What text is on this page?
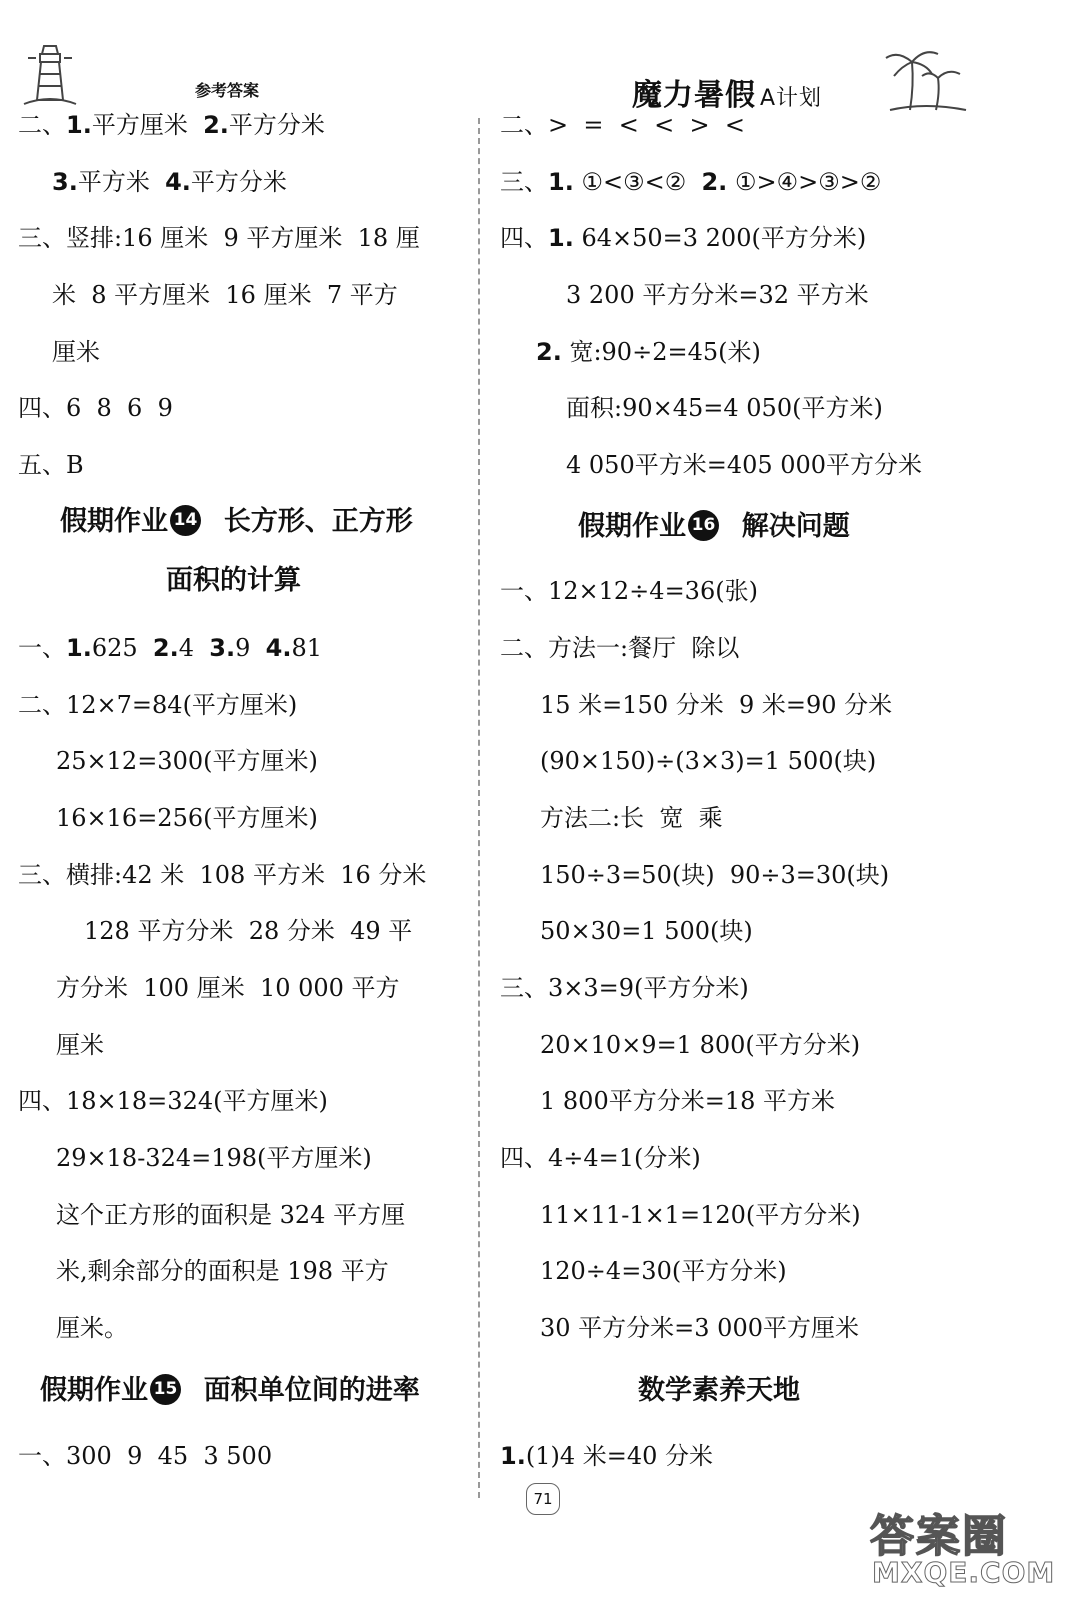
参考答案	魔力暑假 A计划
二、1.平方厘米  2.平方分米
3.平方米  4.平方分米
三、竖排:16 厘米  9 平方厘米  18 厘
米  8 平方厘米  16 厘米  7 平方
厘米
四、6  8  6  9
五、B
假期作业 14  长方形、正方形
面积的计算
一、1.625  2.4  3.9  4.81
二、12×7=84(平方厘米)
25×12=300(平方厘米)
16×16=256(平方厘米)
三、横排:42 米  108 平方米  16 分米
128 平方分米  28 分米  49 平
方分米  100 厘米  10 000 平方
厘米
四、18×18=324(平方厘米)
29×18-324=198(平方厘米)
这个正方形的面积是 324 平方厘
米,剩余部分的面积是 198 平方
厘米。
假期作业 15  面积单位间的进率
一、300  9  45  3 500
二、>  =  <  <  >  <
三、1. ①<③<②  2. ①>④>③>②
四、1. 64×50=3 200(平方分米)
3 200 平方分米=32 平方米
2. 宽:90÷2=45(米)
面积:90×45=4 050(平方米)
4 050平方米=405 000平方分米
假期作业 16  解决问题
一、12×12÷4=36(张)
二、方法一:餐厅  除以
15 米=150 分米  9 米=90 分米
(90×150)÷(3×3)=1 500(块)
方法二:长  宽  乘
150÷3=50(块)  90÷3=30(块)
50×30=1 500(块)
三、3×3=9(平方分米)
20×10×9=1 800(平方分米)
1 800平方分米=18 平方米
四、4÷4=1(分米)
11×11-1×1=120(平方分米)
120÷4=30(平方分米)
30 平方分米=3 000平方厘米
数学素养天地
1.(1)4 米=40 分米
71
答案圈
MXQE.COM
